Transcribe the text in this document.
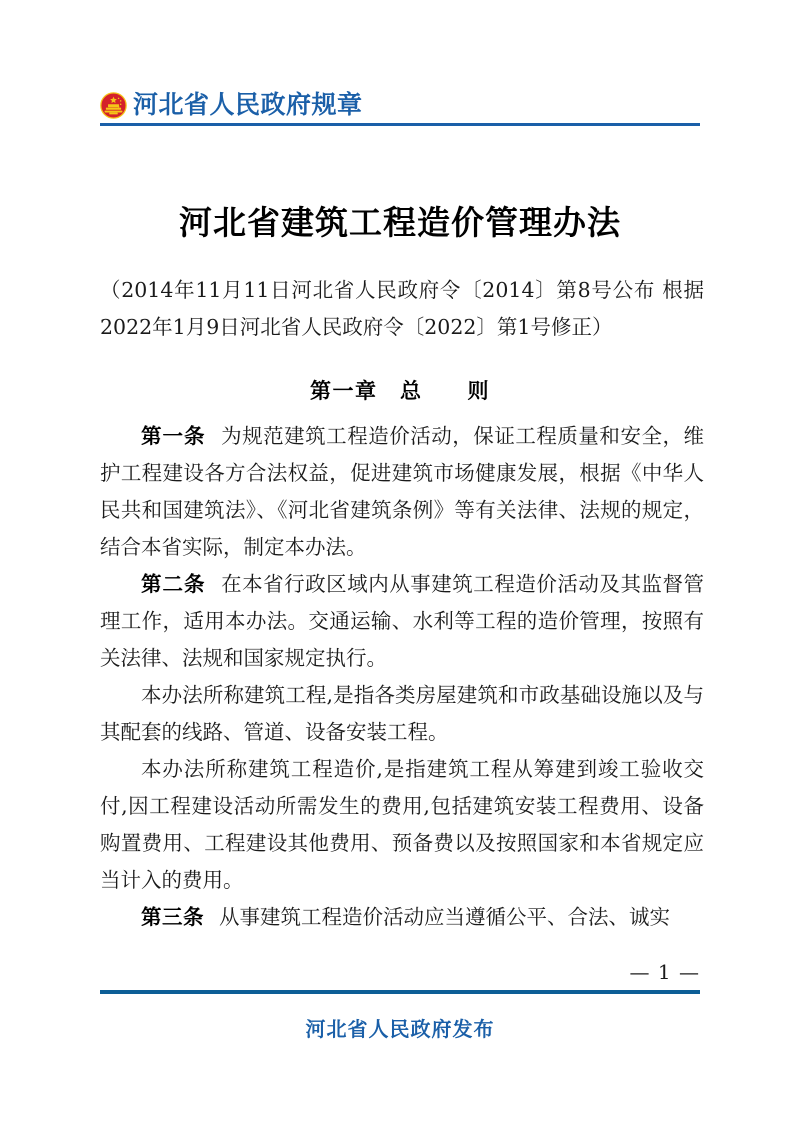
河北省人民政府规章
河北省建筑工程造价管理办法
（2014年11月11日河北省人民政府令〔2014〕第8号公布 根据2022年1月9日河北省人民政府令〔2022〕第1号修正）
第一章　总　　则

第一条 为规范建筑工程造价活动，保证工程质量和安全，维护工程建设各方合法权益，促进建筑市场健康发展，根据《中华人民共和国建筑法》、《河北省建筑条例》等有关法律、法规的规定，结合本省实际，制定本办法。

第二条 在本省行政区域内从事建筑工程造价活动及其监督管理工作，适用本办法。交通运输、水利等工程的造价管理，按照有关法律、法规和国家规定执行。

本办法所称建筑工程,是指各类房屋建筑和市政基础设施以及与其配套的线路、管道、设备安装工程。

本办法所称建筑工程造价,是指建筑工程从筹建到竣工验收交付,因工程建设活动所需发生的费用,包括建筑安装工程费用、设备购置费用、工程建设其他费用、预备费以及按照国家和本省规定应当计入的费用。

第三条 从事建筑工程造价活动应当遵循公平、合法、诚实

— 1 —
河北省人民政府发布
